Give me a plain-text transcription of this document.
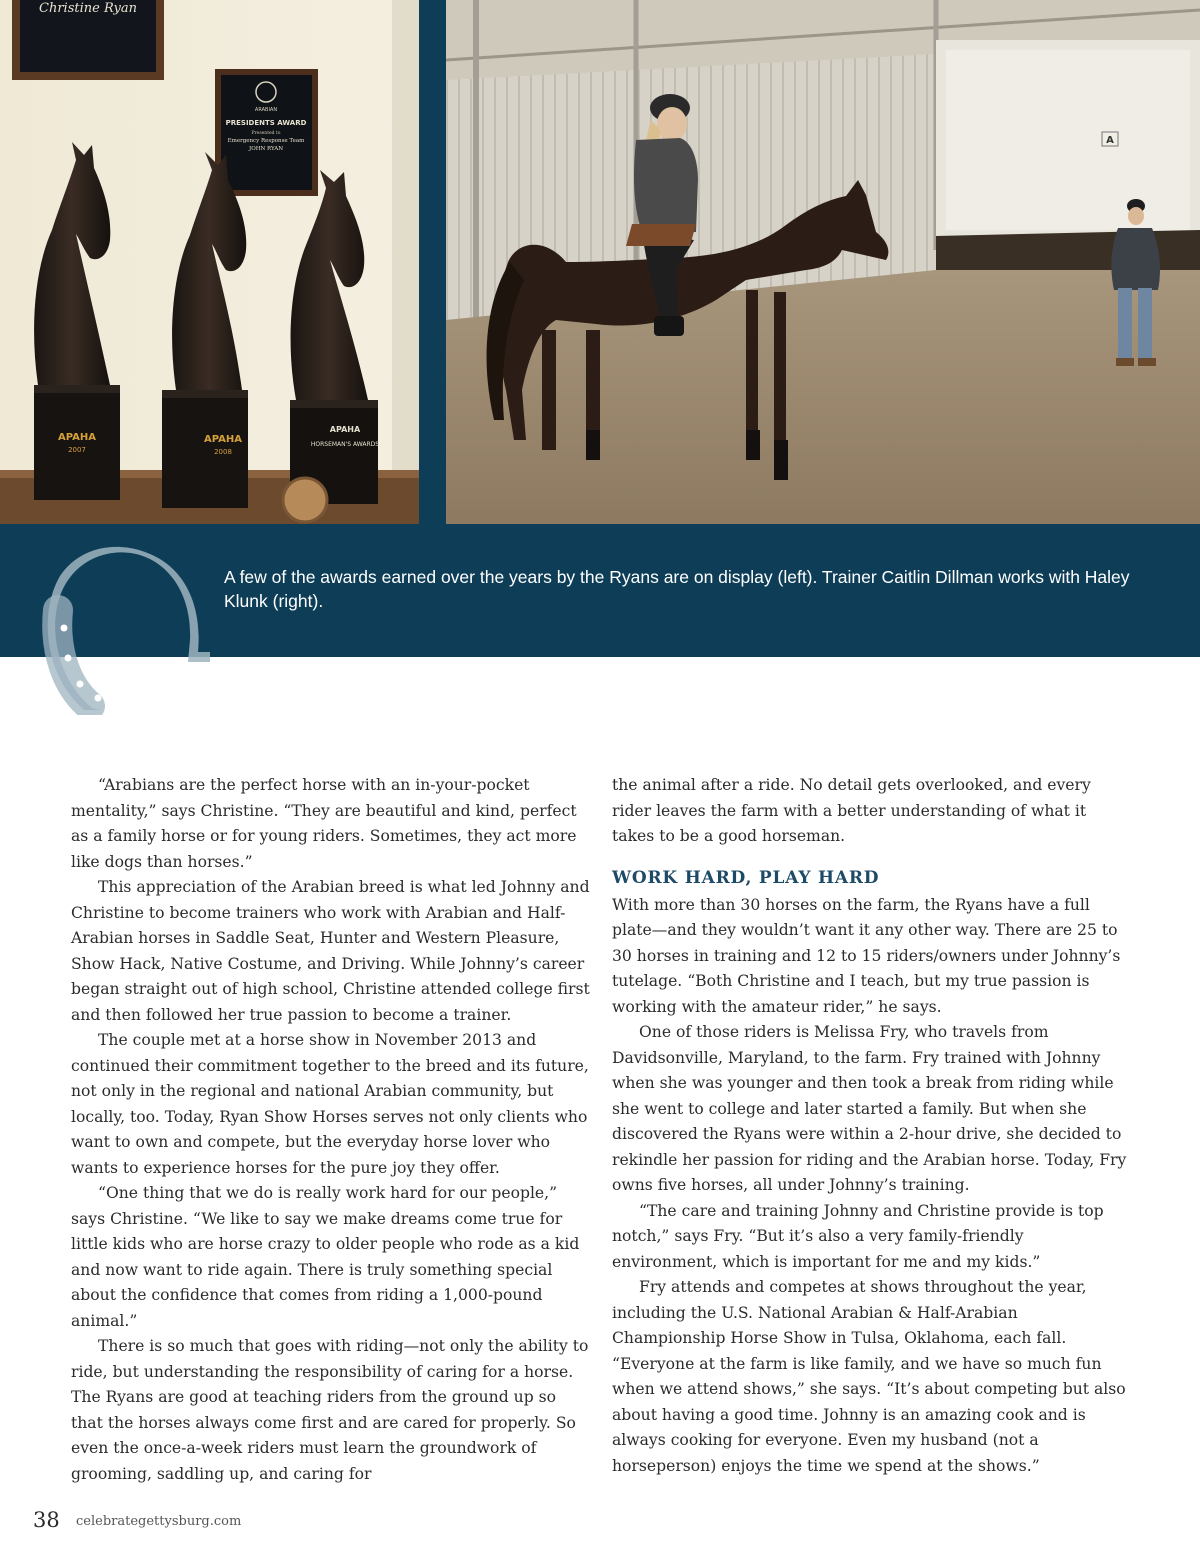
Christine Ryan
ARABIAN
PRESIDENTS AWARD
Presented to
Emergency Response Team
JOHN RYAN
APAHA
2007
APAHA
2008
APAHA
HORSEMAN'S AWARDS
A
A few of the awards earned over the years by the Ryans are on display (left). Trainer Caitlin Dillman works with Haley Klunk (right).

“Arabians are the perfect horse with an in-your-pocket mentality,” says Christine. “They are beautiful and kind, perfect as a family horse or for young riders. Sometimes, they act more like dogs than horses.”

This appreciation of the Arabian breed is what led Johnny and Christine to become trainers who work with Arabian and Half-Arabian horses in Saddle Seat, Hunter and Western Pleasure, Show Hack, Native Costume, and Driving. While Johnny’s career began straight out of high school, Christine attended college first and then followed her true passion to become a trainer.

The couple met at a horse show in November 2013 and continued their commitment together to the breed and its future, not only in the regional and national Arabian community, but locally, too. Today, Ryan Show Horses serves not only clients who want to own and compete, but the everyday horse lover who wants to experience horses for the pure joy they offer.

“One thing that we do is really work hard for our people,” says Christine. “We like to say we make dreams come true for little kids who are horse crazy to older people who rode as a kid and now want to ride again. There is truly something special about the confidence that comes from riding a 1,000-pound animal.”

There is so much that goes with riding—not only the ability to ride, but understanding the responsibility of caring for a horse. The Ryans are good at teaching riders from the ground up so that the horses always come first and are cared for properly. So even the once-a-week riders must learn the groundwork of grooming, saddling up, and caring for

the animal after a ride. No detail gets overlooked, and every rider leaves the farm with a better understanding of what it takes to be a good horseman.

WORK HARD, PLAY HARD

With more than 30 horses on the farm, the Ryans have a full plate—and they wouldn’t want it any other way. There are 25 to 30 horses in training and 12 to 15 riders/owners under Johnny’s tutelage. “Both Christine and I teach, but my true passion is working with the amateur rider,” he says.

One of those riders is Melissa Fry, who travels from Davidsonville, Maryland, to the farm. Fry trained with Johnny when she was younger and then took a break from riding while she went to college and later started a family. But when she discovered the Ryans were within a 2-hour drive, she decided to rekindle her passion for riding and the Arabian horse. Today, Fry owns five horses, all under Johnny’s training.

“The care and training Johnny and Christine provide is top notch,” says Fry. “But it’s also a very family-friendly environment, which is important for me and my kids.”

Fry attends and competes at shows throughout the year, including the U.S. National Arabian & Half-Arabian Championship Horse Show in Tulsa, Oklahoma, each fall. “Everyone at the farm is like family, and we have so much fun when we attend shows,” she says. “It’s about competing but also about having a good time. Johnny is an amazing cook and is always cooking for everyone. Even my husband (not a horseperson) enjoys the time we spend at the shows.”

38 celebrategettysburg.com
